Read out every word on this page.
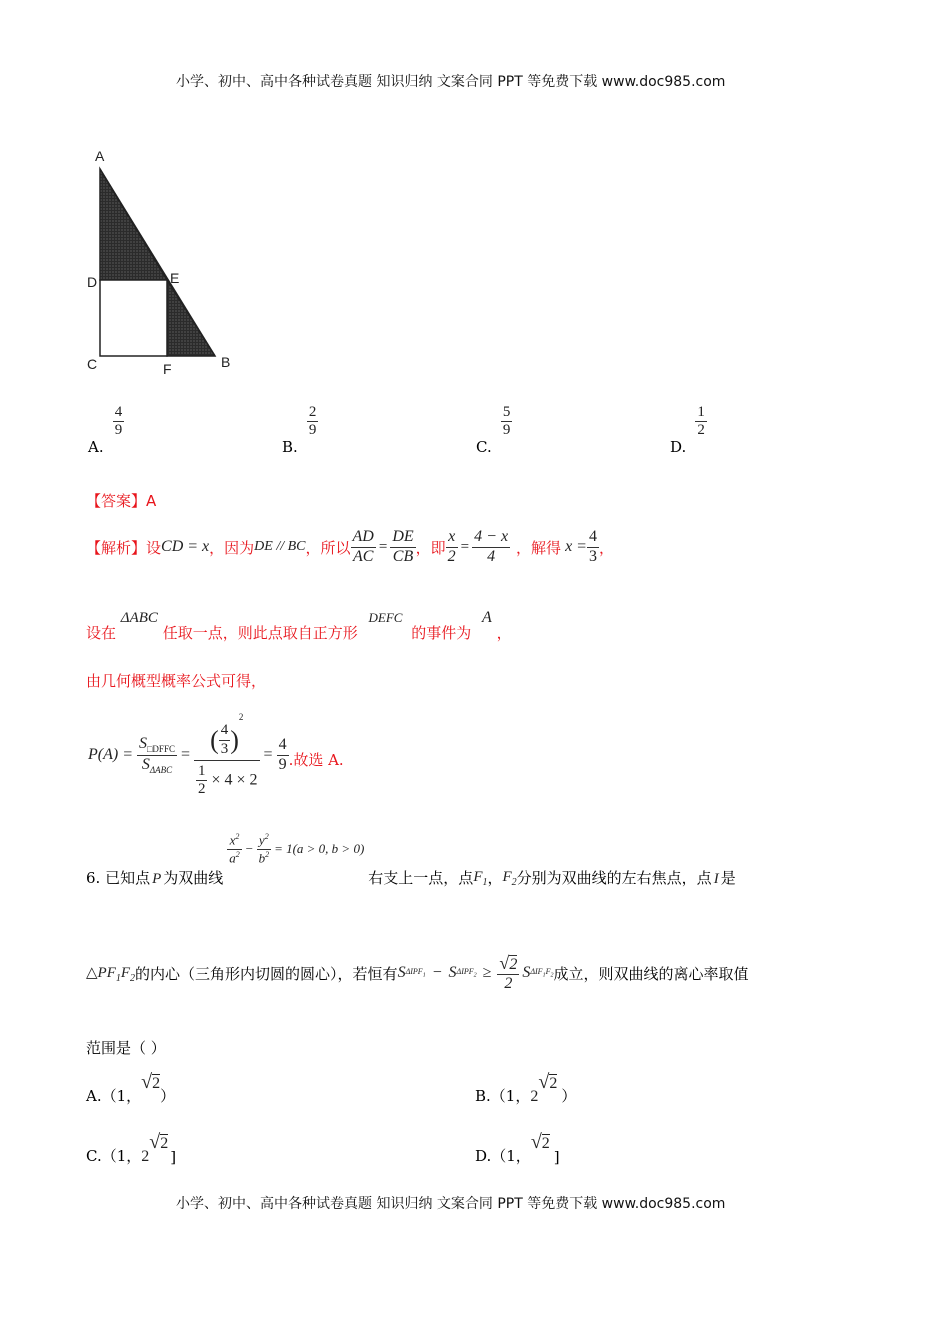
小学、初中、高中各种试卷真题 知识归纳 文案合同 PPT 等免费下载 www.doc985.com
A
D	E
C	F	B
A.
$\frac{4}{9}$
B.
$\frac{2}{9}$
C.
$\frac{5}{9}$
D.
$\frac{1}{2}$
【答案】A
【解析】 设 CD = x ，因为 DE // BC ，所以 $\frac{AD}{AC} = \frac{DE}{CB}$ ，即 $\frac{x}{2} = \frac{4 - x}{4}$ ，解得 $x = \frac{4}{3}$ ，
设在 ΔABC 任取一点，则此点取自正方形 DEFC 的事件为 A ，
由几何概型概率公式可得，
$P(A) = \frac{S_{□DFFC}}{S_{\Delta ABC}} = \frac{( \frac{4}{3} )^2}{\frac{1}{2} \times 4 \times 2} = \frac{4}{9}$ .故选 A.
6. 已知点 P 为双曲线
$\frac{x^2}{a^2} - \frac{y^2}{b^2} = 1(a > 0$, b > 0)
右支上一点，点 $F_1$ ， $F_2$ 分别为双曲线的左右焦点，点 I 是
$\triangle PF_1F_2$ 的内心（三角形内切圆的圆心），若恒有 S $\Delta IPF_1 - S$ $\Delta IPF_2 \ge \frac{√2}{2}$ S $\Delta IF_1F_2$ 成立，则双曲线的离心率取值
范围是（ ）
A.（1，
√2
）	B.（1， 2
√2
）
C.（1， 2
√2
]	D.（1，
√2
]
小学、初中、高中各种试卷真题 知识归纳 文案合同 PPT 等免费下载 www.doc985.com
